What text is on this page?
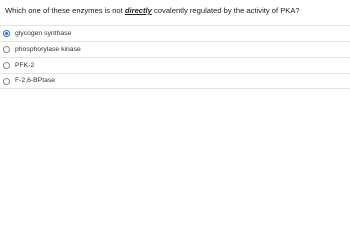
Which one of these enzymes is not directly covalently regulated by the activity of PKA?
glycogen synthase
phosphorylase kinase
PFK-2
F-2,6-BPtase
